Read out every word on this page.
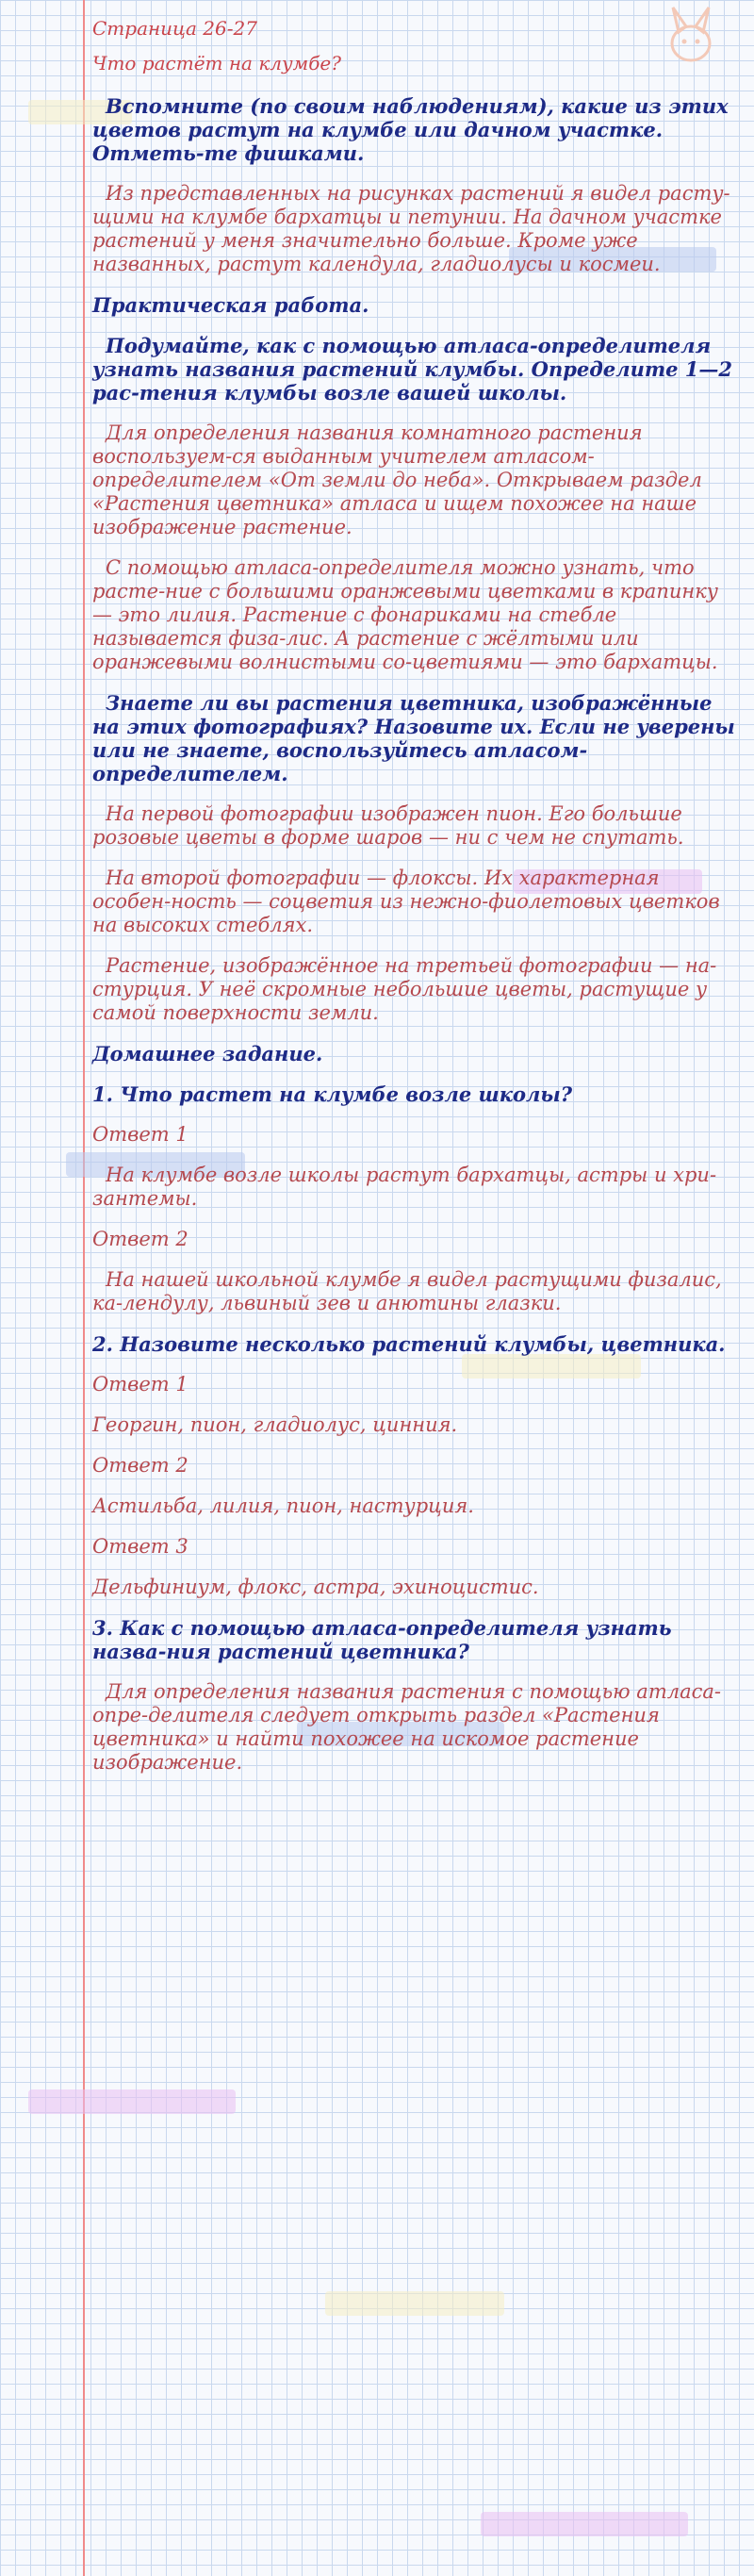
Страница 26-27

Что растёт на клумбе?

Вспомните (по своим наблюдениям), какие из этих цветов растут на клумбе или дачном участке. Отметь-те фишками.

Из представленных на рисунках растений я видел расту-щими на клумбе бархатцы и петунии. На дачном участке растений у меня значительно больше. Кроме уже названных, растут календула, гладиолусы и космеи.

Практическая работа.

Подумайте, как с помощью атласа-определителя узнать названия растений клумбы. Определите 1—2 рас-тения клумбы возле вашей школы.

Для определения названия комнатного растения воспользуем-ся выданным учителем атласом-определителем «От земли до неба». Открываем раздел «Растения цветника» атласа и ищем похожее на наше изображение растение.

С помощью атласа-определителя можно узнать, что расте-ние с большими оранжевыми цветками в крапинку — это лилия. Растение с фонариками на стебле называется физа-лис. А растение с жёлтыми или оранжевыми волнистыми со-цветиями — это бархатцы.

Знаете ли вы растения цветника, изображённые на этих фотографиях? Назовите их. Если не уверены или не знаете, воспользуйтесь атласом-определителем.

На первой фотографии изображен пион. Его большие розовые цветы в форме шаров — ни с чем не спутать.

На второй фотографии — флоксы. Их характерная особен-ность — соцветия из нежно-фиолетовых цветков на высоких стеблях.

Растение, изображённое на третьей фотографии — на-стурция. У неё скромные небольшие цветы, растущие у самой поверхности земли.

Домашнее задание.

1. Что растет на клумбе возле школы?

Ответ 1

На клумбе возле школы растут бархатцы, астры и хри-зантемы.

Ответ 2

На нашей школьной клумбе я видел растущими физалис, ка-лендулу, львиный зев и анютины глазки.

2. Назовите несколько растений клумбы, цветника.

Ответ 1

Георгин, пион, гладиолус, цинния.

Ответ 2

Астильба, лилия, пион, настурция.

Ответ 3

Дельфиниум, флокс, астра, эхиноцистис.

3. Как с помощью атласа-определителя узнать назва-ния растений цветника?

Для определения названия растения с помощью атласа-опре-делителя следует открыть раздел «Растения цветника» и найти похожее на искомое растение изображение.
